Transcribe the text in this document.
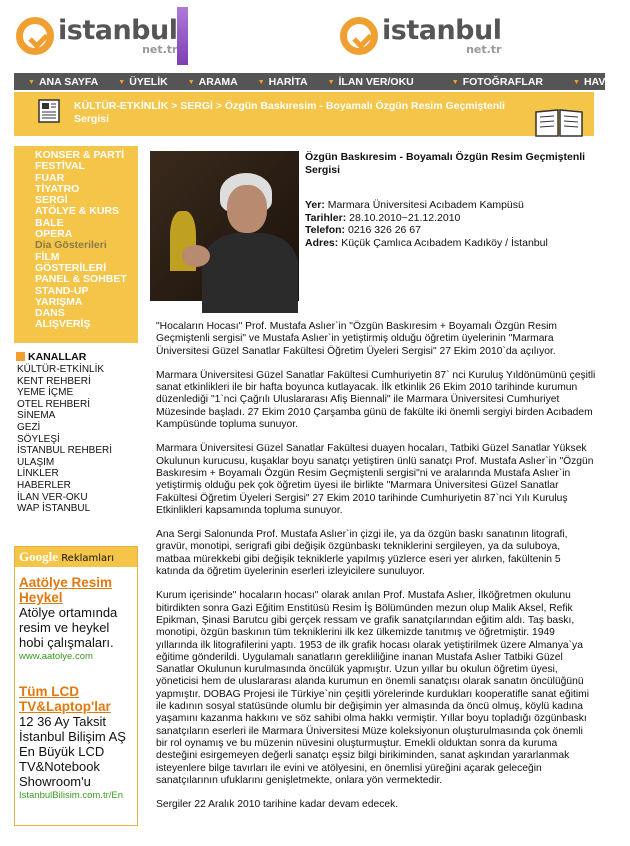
istanbul
net.tr
istanbul
net.tr
▼ ANA SAYFA	▼ ÜYELİK	▼ ARAMA	▼ HARİTA	▼ İLAN VER/OKU	▼ FOTOĞRAFLAR	▼ HAVA DU
KÜLTÜR-ETKİNLİK > SERGİ > Özgün Baskıresim - Boyamalı Özgün Resim Geçmiştenli Sergisi
KONSER & PARTİ
FESTİVAL
FUAR
TİYATRO
SERGİ
ATÖLYE & KURS
BALE
OPERA
Dia Gösterileri
FİLM
GÖSTERİLERİ
PANEL & SOHBET
STAND-UP
YARIŞMA
DANS
ALIŞVERİŞ
KANALLAR
KÜLTÜR-ETKİNLİK
KENT REHBERİ
YEME İÇME
OTEL REHBERİ
SİNEMA
GEZİ
SÖYLEŞİ
İSTANBUL REHBERİ
ULAŞIM
LİNKLER
HABERLER
İLAN VER-OKU
WAP İSTANBUL
Google Reklamları
Aatölye Resim Heykel
Atölye ortamında resim ve heykel hobi çalışmaları.
www.aatolye.com
Tüm LCD TV&Laptop'lar
12 36 Ay Taksit İstanbul Bilişim AŞ En Büyük LCD TV&Notebook Showroom'u
IstanbulBilisim.com.tr/En
Özgün Baskıresim - Boyamalı Özgün Resim Geçmiştenli Sergisi
Yer: Marmara Üniversitesi Acıbadem Kampüsü
Tarihler: 28.10.2010~21.12.2010
Telefon: 0216 326 26 67
Adres: Küçük Çamlıca Acıbadem Kadıköy / İstanbul

"Hocaların Hocası" Prof. Mustafa Aslıer`in "Özgün Baskıresim + Boyamalı Özgün Resim Geçmiştenli sergisi" ve Mustafa Aslıer`in yetiştirmiş olduğu öğretim üyelerinin "Marmara Üniversitesi Güzel Sanatlar Fakültesi Öğretim Üyeleri Sergisi" 27 Ekim 2010`da açılıyor.

Marmara Üniversitesi Güzel Sanatlar Fakültesi Cumhuriyetin 87` nci Kuruluş Yıldönümünü çeşitli sanat etkinlikleri ile bir hafta boyunca kutlayacak. İlk etkinlik 26 Ekim 2010 tarihinde kurumun düzenlediği "1`nci Çağrılı Uluslararası Afiş Biennali" ile Marmara Üniversitesi Cumhuriyet Müzesinde başladı. 27 Ekim 2010 Çarşamba günü de fakülte iki önemli sergiyi birden Acıbadem Kampüsünde topluma sunuyor.

Marmara Üniversitesi Güzel Sanatlar Fakültesi duayen hocaları, Tatbiki Güzel Sanatlar Yüksek Okulunun kurucusu, kuşaklar boyu sanatçı yetiştiren ünlü sanatçı Prof. Mustafa Aslıer`in "Özgün Baskıresim + Boyamalı Özgün Resim Geçmiştenli sergisi"ni ve aralarında Mustafa Aslıer`in yetiştirmiş olduğu pek çok öğretim üyesi ile birlikte "Marmara Üniversitesi Güzel Sanatlar Fakültesi Öğretim Üyeleri Sergisi" 27 Ekim 2010 tarihinde Cumhuriyetin 87`nci Yılı Kuruluş Etkinlikleri kapsamında topluma sunuyor.

Ana Sergi Salonunda Prof. Mustafa Aslıer`in çizgi ile, ya da özgün baskı sanatının litografi, gravür, monotipi, serigrafi gibi değişik özgünbaskı tekniklerini sergileyen, ya da suluboya, matbaa mürekkebi gibi değişik tekniklerle yapılmış yüzlerce eseri yer alırken, fakültenin 5 katında da öğretim üyelerinin eserleri izleyicilere sunuluyor.

Kurum içerisinde" hocaların hocası" olarak anılan Prof. Mustafa Aslıer, İlköğretmen okulunu bitirdikten sonra Gazi Eğitim Enstitüsü Resim İş Bölümünden mezun olup Malik Aksel, Refik Epikman, Şinasi Barutcu gibi gerçek ressam ve grafik sanatçılarından eğitim aldı. Taş baskı, monotipi, özgün baskının tüm tekniklerini ilk kez ülkemizde tanıtmış ve öğretmiştir. 1949 yıllarında ilk litografilerini yaptı. 1953 de ilk grafik hocası olarak yetiştirilmek üzere Almanya`ya eğitime gönderildi. Uygulamalı sanatların gerekliliğine inanan Mustafa Aslıer Tatbiki Güzel Sanatlar Okulunun kurulmasında öncülük yapmıştır. Uzun yıllar bu okulun öğretim üyesi, yöneticisi hem de uluslararası alanda kurumun en önemli sanatçısı olarak sanatın öncülüğünü yapmıştır. DOBAG Projesi ile Türkiye`nin çeşitli yörelerinde kurdukları kooperatifle sanat eğitimi ile kadının sosyal statüsünde olumlu bir değişimin yer almasında da öncü olmuş, köylü kadına yaşamını kazanma hakkını ve söz sahibi olma hakkı vermiştir. Yıllar boyu topladığı özgünbaskı sanatçıların eserleri ile Marmara Üniversitesi Müze koleksiyonun oluşturulmasında çok önemli bir rol oynamış ve bu müzenin nüvesini oluşturmuştur. Emekli olduktan sonra da kuruma desteğini esirgemeyen değerli sanatçı eşsiz bilgi birikiminden, sanat aşkından yararlanmak isteyenlere bilge tavırları ile evini ve atölyesini, en önemlisi yüreğini açarak geleceğin sanatçılarının ufuklarını genişletmekte, onlara yön vermektedir.

Sergiler 22 Aralık 2010 tarihine kadar devam edecek.
